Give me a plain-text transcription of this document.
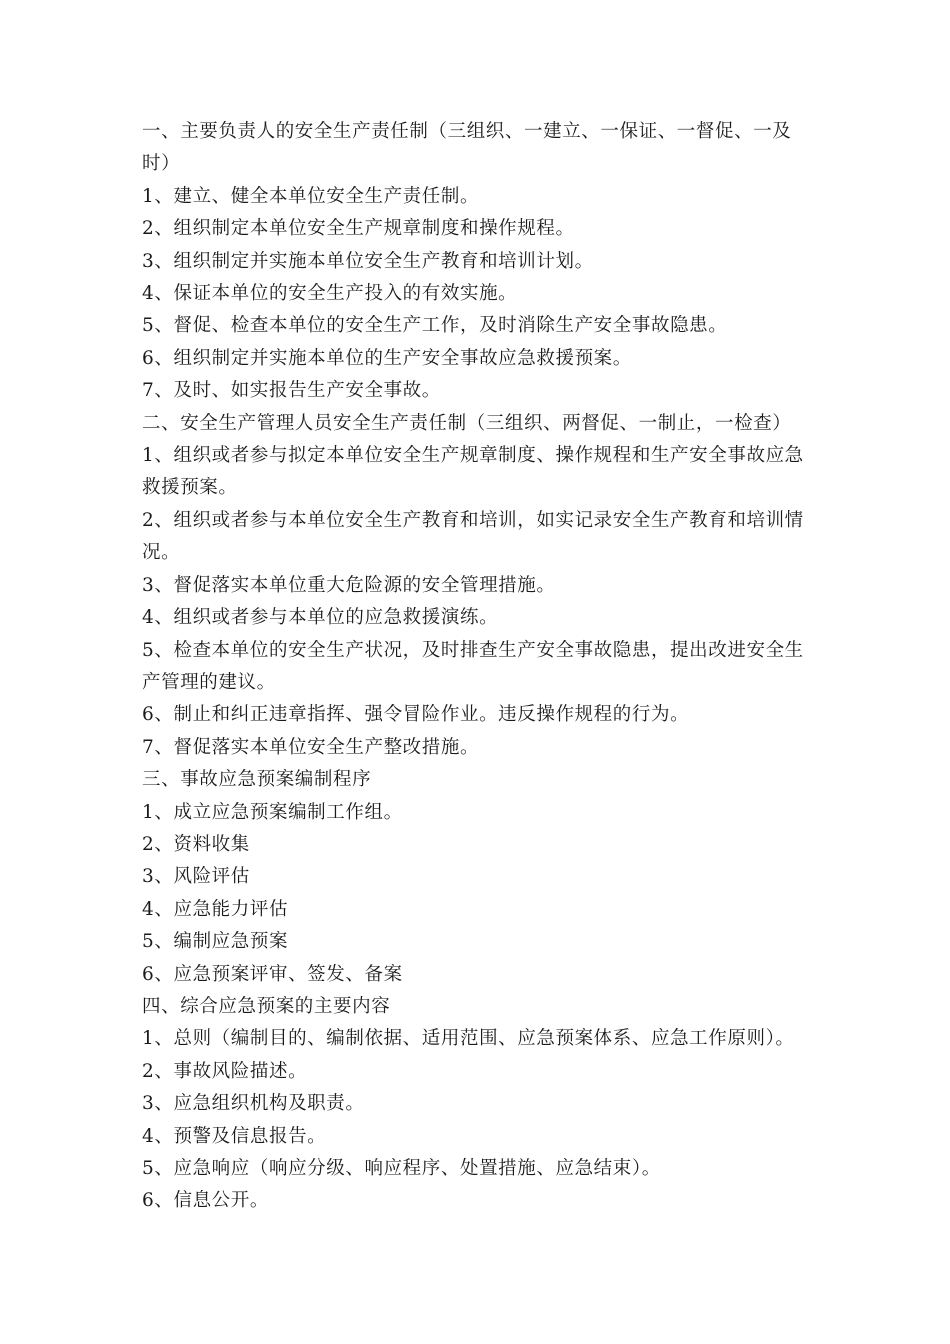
一、主要负责人的安全生产责任制（三组织、一建立、一保证、一督促、一及时）

1、建立、健全本单位安全生产责任制。

2、组织制定本单位安全生产规章制度和操作规程。

3、组织制定并实施本单位安全生产教育和培训计划。

4、保证本单位的安全生产投入的有效实施。

5、督促、检查本单位的安全生产工作，及时消除生产安全事故隐患。

6、组织制定并实施本单位的生产安全事故应急救援预案。

7、及时、如实报告生产安全事故。

二、安全生产管理人员安全生产责任制（三组织、两督促、一制止，一检查）

1、组织或者参与拟定本单位安全生产规章制度、操作规程和生产安全事故应急救援预案。

2、组织或者参与本单位安全生产教育和培训，如实记录安全生产教育和培训情况。

3、督促落实本单位重大危险源的安全管理措施。

4、组织或者参与本单位的应急救援演练。

5、检查本单位的安全生产状况，及时排查生产安全事故隐患，提出改进安全生产管理的建议。

6、制止和纠正违章指挥、强令冒险作业。违反操作规程的行为。

7、督促落实本单位安全生产整改措施。

三、事故应急预案编制程序

1、成立应急预案编制工作组。

2、资料收集

3、风险评估

4、应急能力评估

5、编制应急预案

6、应急预案评审、签发、备案

四、综合应急预案的主要内容

1、总则（编制目的、编制依据、适用范围、应急预案体系、应急工作原则）。

2、事故风险描述。

3、应急组织机构及职责。

4、预警及信息报告。

5、应急响应（响应分级、响应程序、处置措施、应急结束）。

6、信息公开。
